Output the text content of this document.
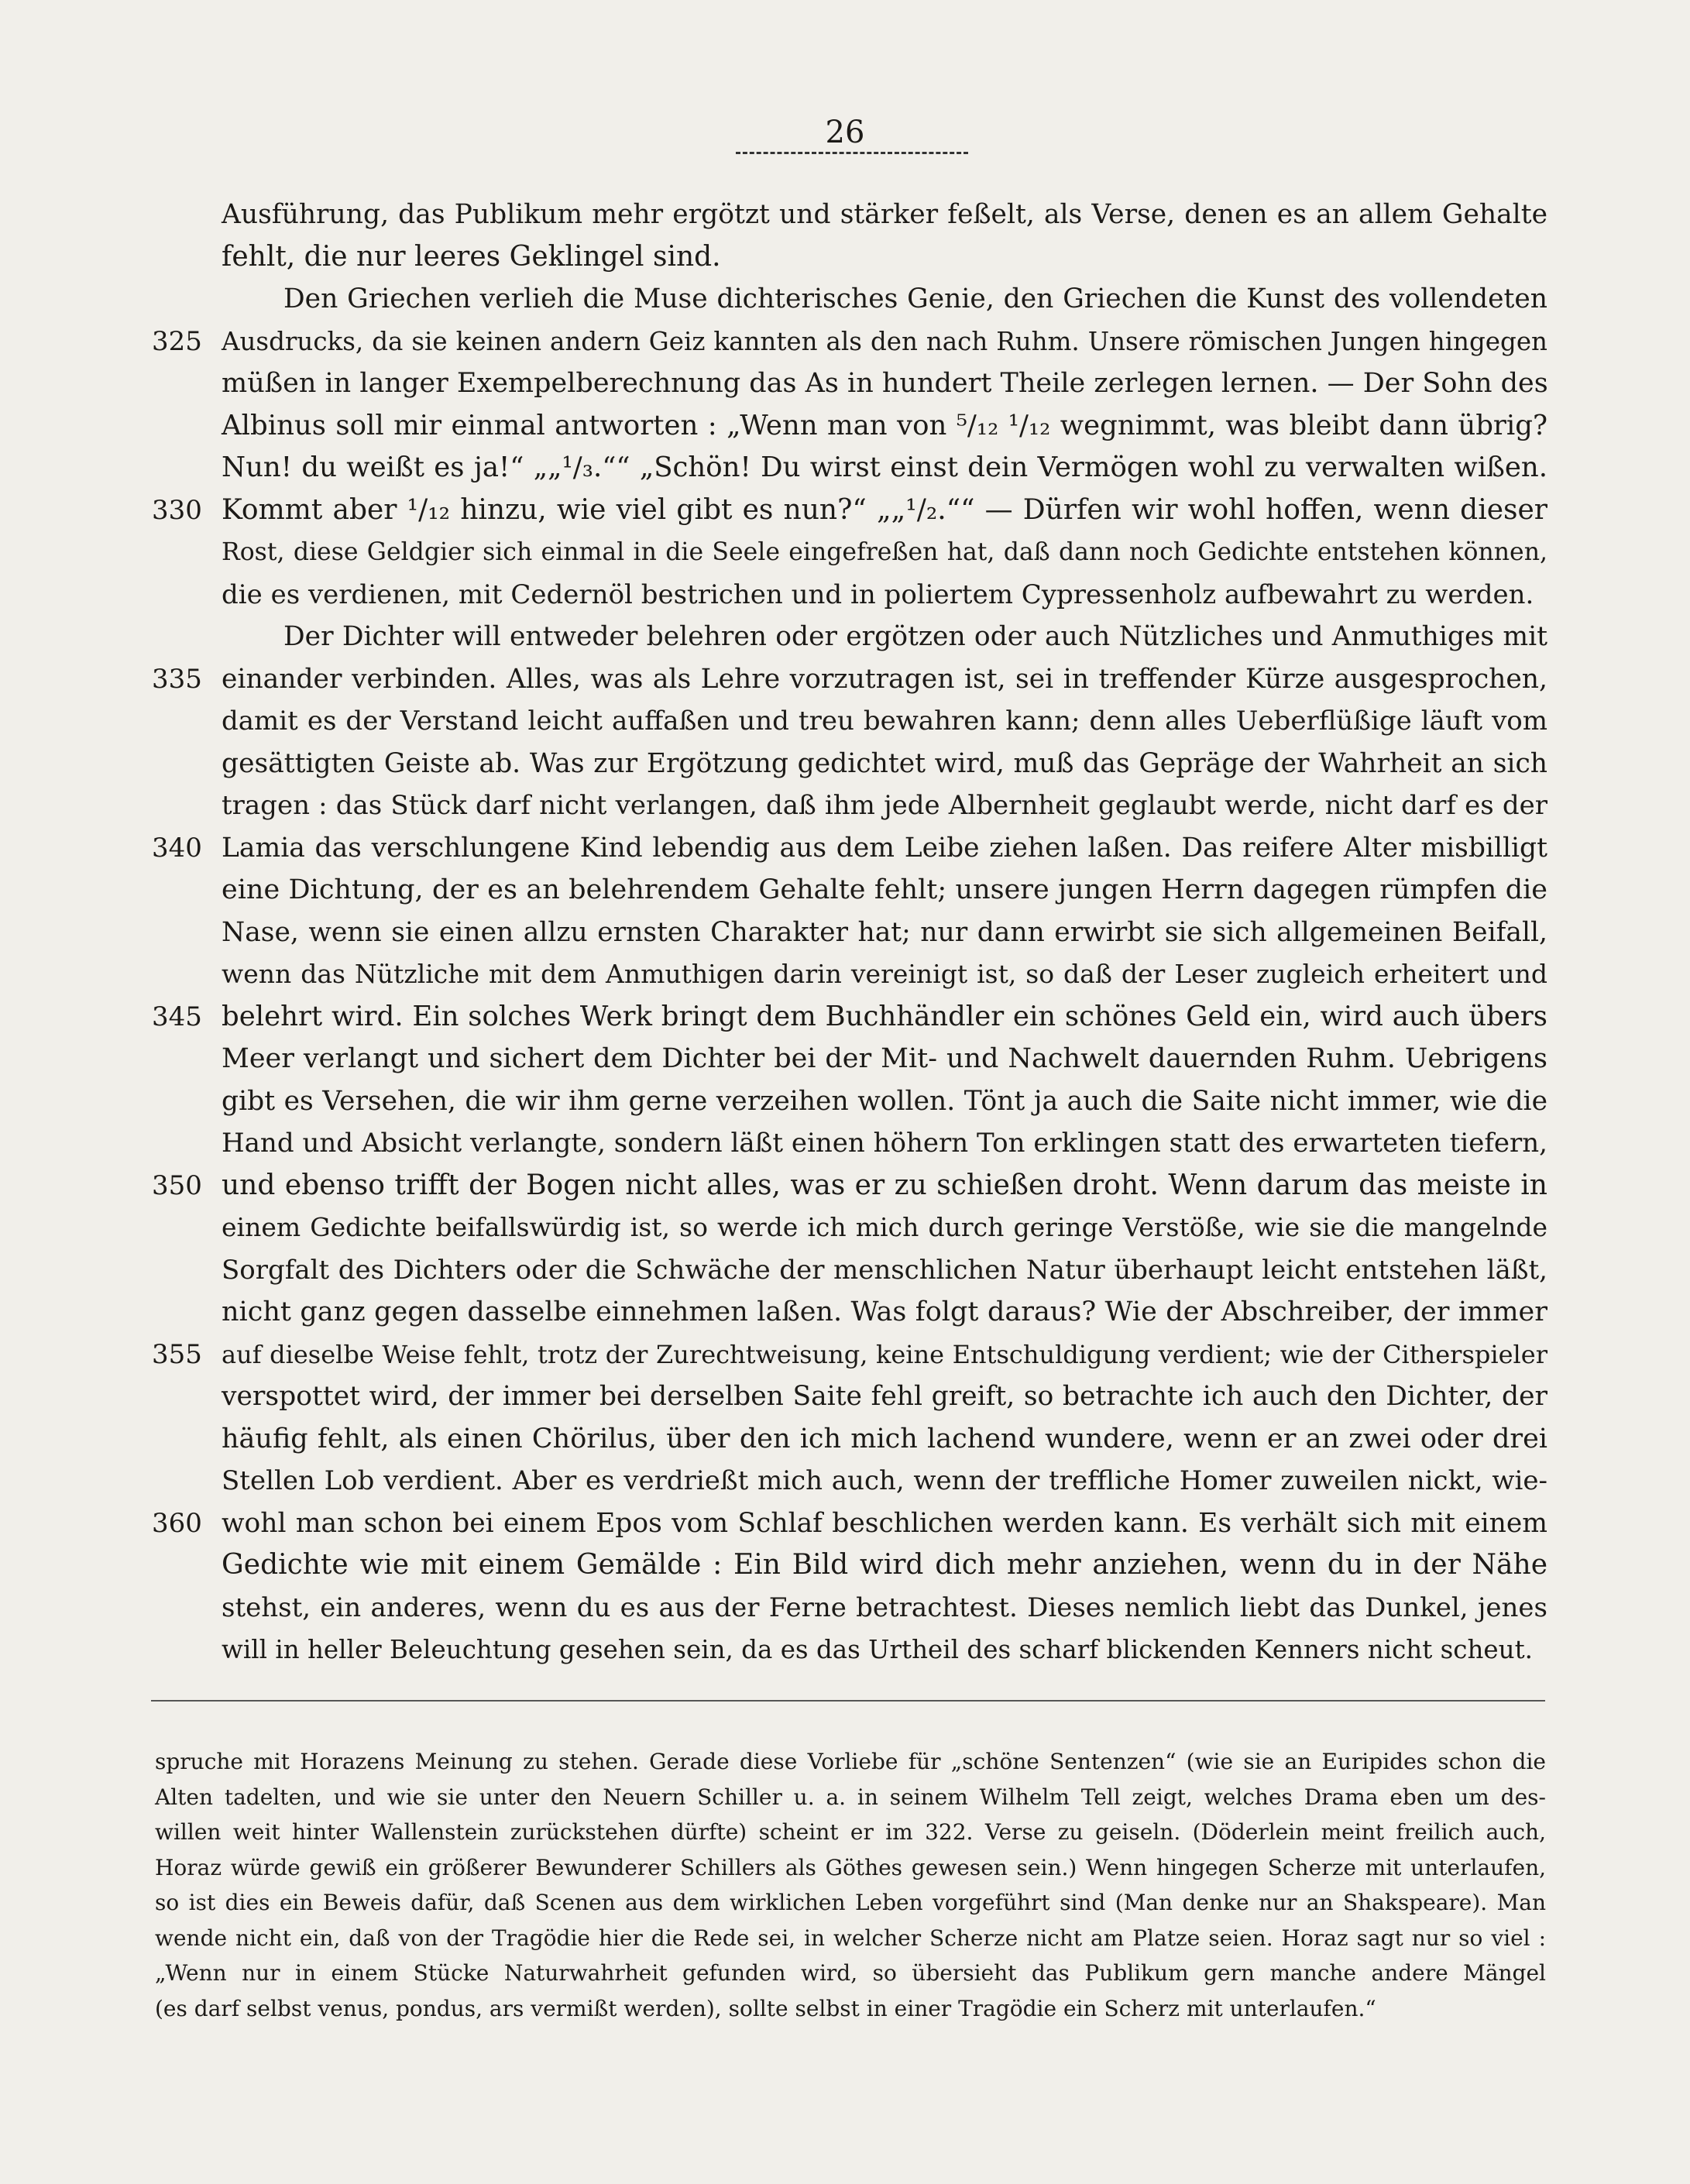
26
Ausführung, das Publikum mehr ergötzt und stärker feßelt, als Verse, denen es an allem Gehalte
fehlt, die nur leeres Geklingel sind.
Den Griechen verlieh die Muse dichterisches Genie, den Griechen die Kunst des vollendeten
325 Ausdrucks, da sie keinen andern Geiz kannten als den nach Ruhm. Unsere römischen Jungen hingegen
müßen in langer Exempelberechnung das As in hundert Theile zerlegen lernen. — Der Sohn des
Albinus soll mir einmal antworten : „Wenn man von ⁵/₁₂ ¹/₁₂ wegnimmt, was bleibt dann übrig?
Nun! du weißt es ja!“ „„¹/₃.““ „Schön! Du wirst einst dein Vermögen wohl zu verwalten wißen.
330 Kommt aber ¹/₁₂ hinzu, wie viel gibt es nun?“ „„¹/₂.““ — Dürfen wir wohl hoffen, wenn dieser
Rost, diese Geldgier sich einmal in die Seele eingefreßen hat, daß dann noch Gedichte entstehen können,
die es verdienen, mit Cedernöl bestrichen und in poliertem Cypressenholz aufbewahrt zu werden.
Der Dichter will entweder belehren oder ergötzen oder auch Nützliches und Anmuthiges mit
335 einander verbinden. Alles, was als Lehre vorzutragen ist, sei in treffender Kürze ausgesprochen,
damit es der Verstand leicht auffaßen und treu bewahren kann; denn alles Ueberflüßige läuft vom
gesättigten Geiste ab. Was zur Ergötzung gedichtet wird, muß das Gepräge der Wahrheit an sich
tragen : das Stück darf nicht verlangen, daß ihm jede Albernheit geglaubt werde, nicht darf es der
340 Lamia das verschlungene Kind lebendig aus dem Leibe ziehen laßen. Das reifere Alter misbilligt
eine Dichtung, der es an belehrendem Gehalte fehlt; unsere jungen Herrn dagegen rümpfen die
Nase, wenn sie einen allzu ernsten Charakter hat; nur dann erwirbt sie sich allgemeinen Beifall,
wenn das Nützliche mit dem Anmuthigen darin vereinigt ist, so daß der Leser zugleich erheitert und
345 belehrt wird. Ein solches Werk bringt dem Buchhändler ein schönes Geld ein, wird auch übers
Meer verlangt und sichert dem Dichter bei der Mit- und Nachwelt dauernden Ruhm. Uebrigens
gibt es Versehen, die wir ihm gerne verzeihen wollen. Tönt ja auch die Saite nicht immer, wie die
Hand und Absicht verlangte, sondern läßt einen höhern Ton erklingen statt des erwarteten tiefern,
350 und ebenso trifft der Bogen nicht alles, was er zu schießen droht. Wenn darum das meiste in
einem Gedichte beifallswürdig ist, so werde ich mich durch geringe Verstöße, wie sie die mangelnde
Sorgfalt des Dichters oder die Schwäche der menschlichen Natur überhaupt leicht entstehen läßt,
nicht ganz gegen dasselbe einnehmen laßen. Was folgt daraus? Wie der Abschreiber, der immer
355 auf dieselbe Weise fehlt, trotz der Zurechtweisung, keine Entschuldigung verdient; wie der Citherspieler
verspottet wird, der immer bei derselben Saite fehl greift, so betrachte ich auch den Dichter, der
häufig fehlt, als einen Chörilus, über den ich mich lachend wundere, wenn er an zwei oder drei
Stellen Lob verdient. Aber es verdrießt mich auch, wenn der treffliche Homer zuweilen nickt, wie-
360 wohl man schon bei einem Epos vom Schlaf beschlichen werden kann. Es verhält sich mit einem
Gedichte wie mit einem Gemälde : Ein Bild wird dich mehr anziehen, wenn du in der Nähe
stehst, ein anderes, wenn du es aus der Ferne betrachtest. Dieses nemlich liebt das Dunkel, jenes
will in heller Beleuchtung gesehen sein, da es das Urtheil des scharf blickenden Kenners nicht scheut.
spruche mit Horazens Meinung zu stehen. Gerade diese Vorliebe für „schöne Sentenzen“ (wie sie an Euripides schon die
Alten tadelten, und wie sie unter den Neuern Schiller u. a. in seinem Wilhelm Tell zeigt, welches Drama eben um des-
willen weit hinter Wallenstein zurückstehen dürfte) scheint er im 322. Verse zu geiseln. (Döderlein meint freilich auch,
Horaz würde gewiß ein größerer Bewunderer Schillers als Göthes gewesen sein.) Wenn hingegen Scherze mit unterlaufen,
so ist dies ein Beweis dafür, daß Scenen aus dem wirklichen Leben vorgeführt sind (Man denke nur an Shakspeare). Man
wende nicht ein, daß von der Tragödie hier die Rede sei, in welcher Scherze nicht am Platze seien. Horaz sagt nur so viel :
„Wenn nur in einem Stücke Naturwahrheit gefunden wird, so übersieht das Publikum gern manche andere Mängel
(es darf selbst venus, pondus, ars vermißt werden), sollte selbst in einer Tragödie ein Scherz mit unterlaufen.“
